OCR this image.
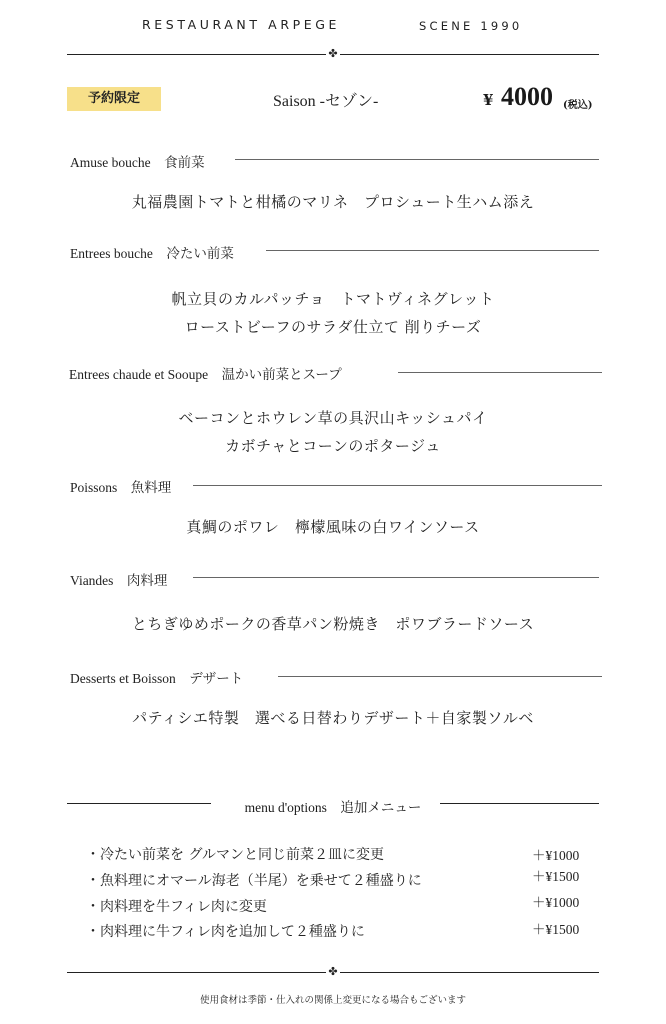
RESTAURANT ARPEGE	SCENE 1990
✤
予約限定	Saison -セゾン-	¥ 4000 (税込)
Amuse bouche　食前菜
丸福農園トマトと柑橘のマリネ　プロシュート生ハム添え
Entrees bouche　冷たい前菜
帆立貝のカルパッチョ　トマトヴィネグレット
ローストビーフのサラダ仕立て 削りチーズ
Entrees chaude et Sooupe　温かい前菜とスープ
ベーコンとホウレン草の具沢山キッシュパイ
カボチャとコーンのポタージュ
Poissons　魚料理
真鯛のポワレ　檸檬風味の白ワインソース
Viandes　肉料理
とちぎゆめポークの香草パン粉焼き　ポワブラードソース
Desserts et Boisson　デザート
パティシエ特製　選べる日替わりデザート＋自家製ソルベ
menu d'options　追加メニュー
・冷たい前菜を グルマンと同じ前菜２皿に変更	＋¥1000
・魚料理にオマール海老（半尾）を乗せて２種盛りに	＋¥1500
・肉料理を牛フィレ肉に変更	＋¥1000
・肉料理に牛フィレ肉を追加して２種盛りに	＋¥1500
✤
使用食材は季節・仕入れの関係上変更になる場合もございます
